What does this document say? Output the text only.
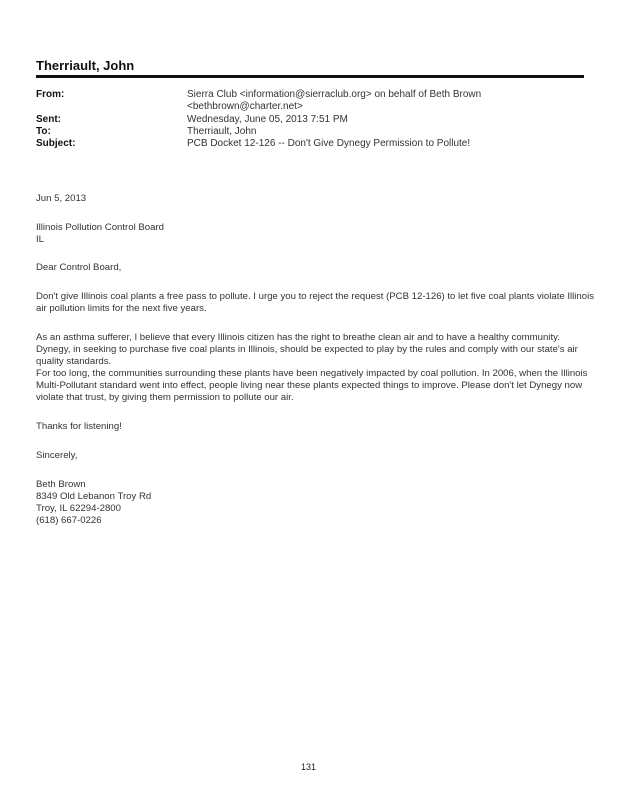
Therriault, John
From:	Sierra Club <information@sierraclub.org> on behalf of Beth Brown
<bethbrown@charter.net>
Sent:	Wednesday, June 05, 2013 7:51 PM
To:	Therriault, John
Subject:	PCB Docket 12-126 -- Don't Give Dynegy Permission to Pollute!
Jun 5, 2013
Illinois Pollution Control Board
IL
Dear Control Board,

Don't give Illinois coal plants a free pass to pollute. I urge you to reject the request (PCB 12-126) to let five coal plants violate Illinois air pollution limits for the next five years.

As an asthma sufferer, I believe that every Illinois citizen has the right to breathe clean air and to have a healthy community. Dynegy, in seeking to purchase five coal plants in Illinois, should be expected to play by the rules and comply with our state's air quality standards.

For too long, the communities surrounding these plants have been negatively impacted by coal pollution. In 2006, when the Illinois Multi-Pollutant standard went into effect, people living near these plants expected things to improve. Please don't let Dynegy now violate that trust, by giving them permission to pollute our air.

Thanks for listening!
Sincerely,
Beth Brown
8349 Old Lebanon Troy Rd
Troy, IL 62294-2800
(618) 667-0226
131
